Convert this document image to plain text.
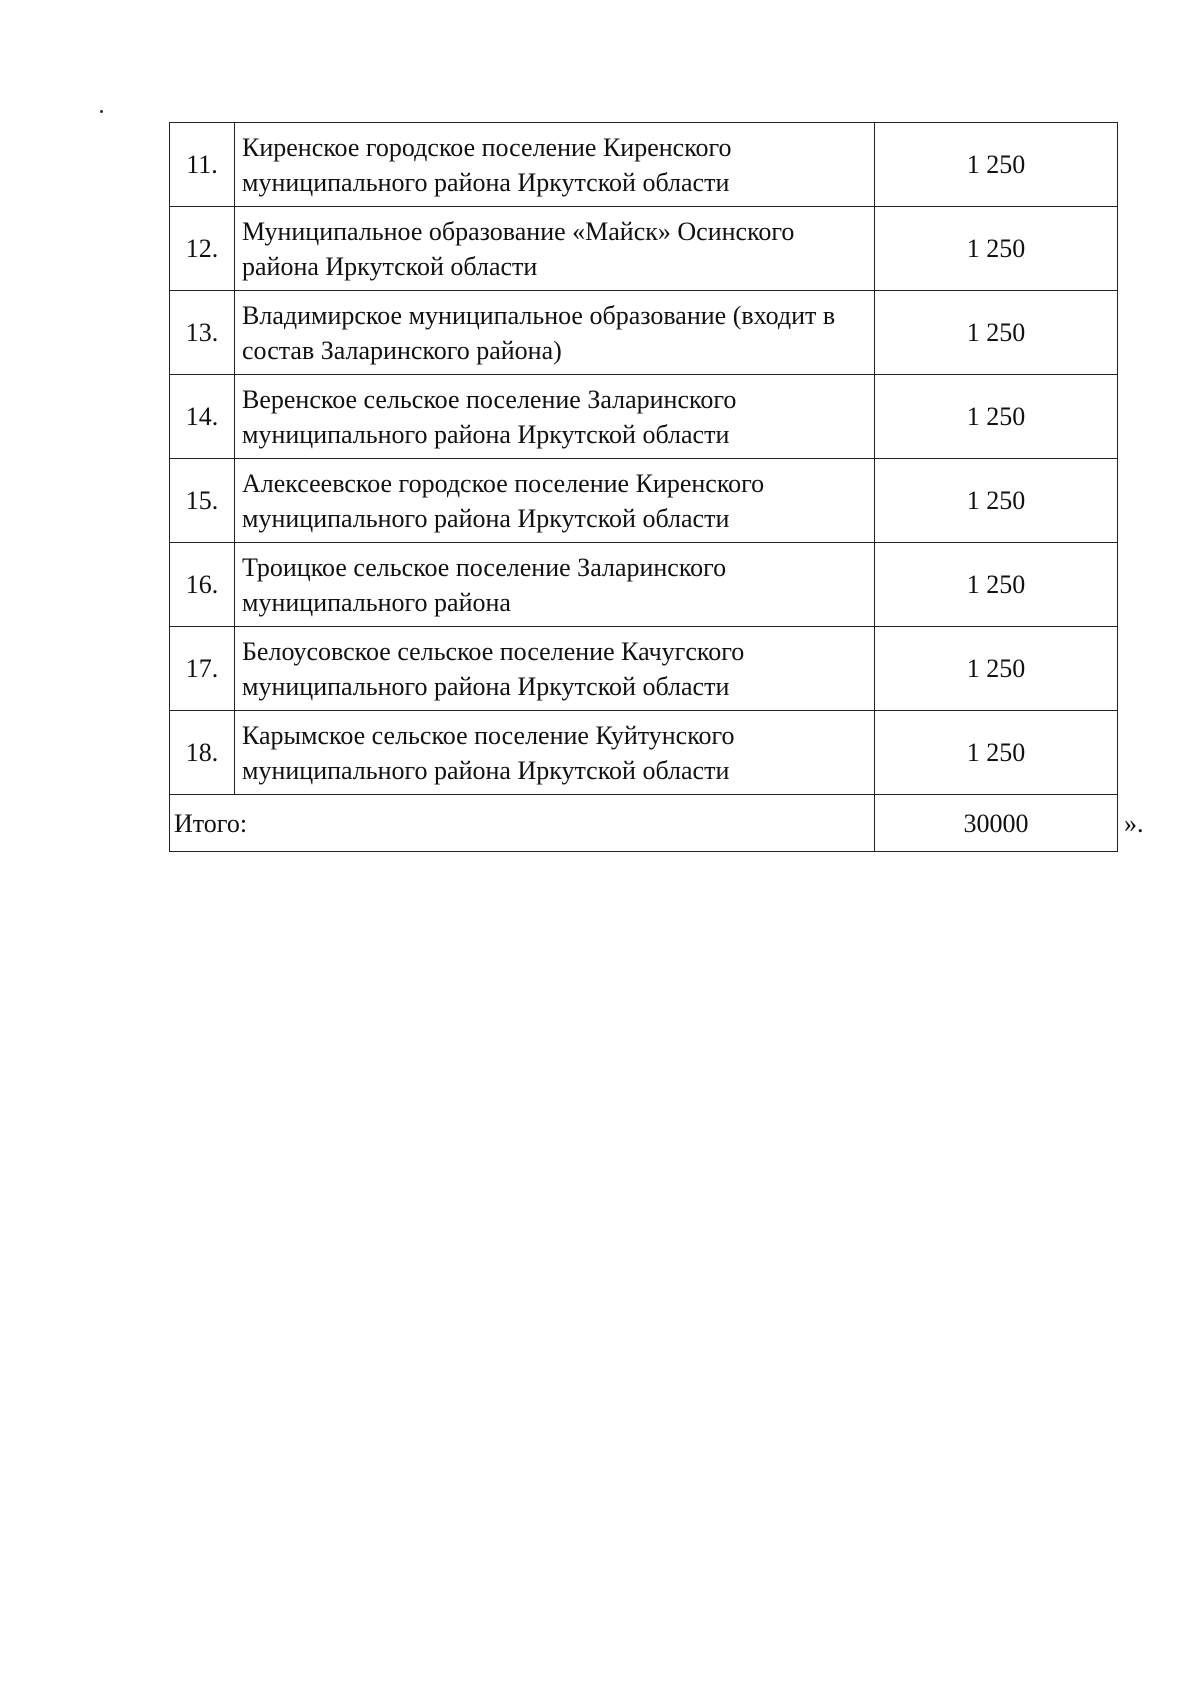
11.	Киренское городское поселение Киренского муниципального района Иркутской области	1 250
12.	Муниципальное образование «Майск» Осинского района Иркутской области	1 250
13.	Владимирское муниципальное образование (входит в состав Заларинского района)	1 250
14.	Веренское сельское поселение Заларинского муниципального района Иркутской области	1 250
15.	Алексеевское городское поселение Киренского муниципального района Иркутской области	1 250
16.	Троицкое сельское поселение Заларинского муниципального района	1 250
17.	Белоусовское сельское поселение Качугского муниципального района Иркутской области	1 250
18.	Карымское сельское поселение Куйтунского муниципального района Иркутской области	1 250
Итого:		30000	».
